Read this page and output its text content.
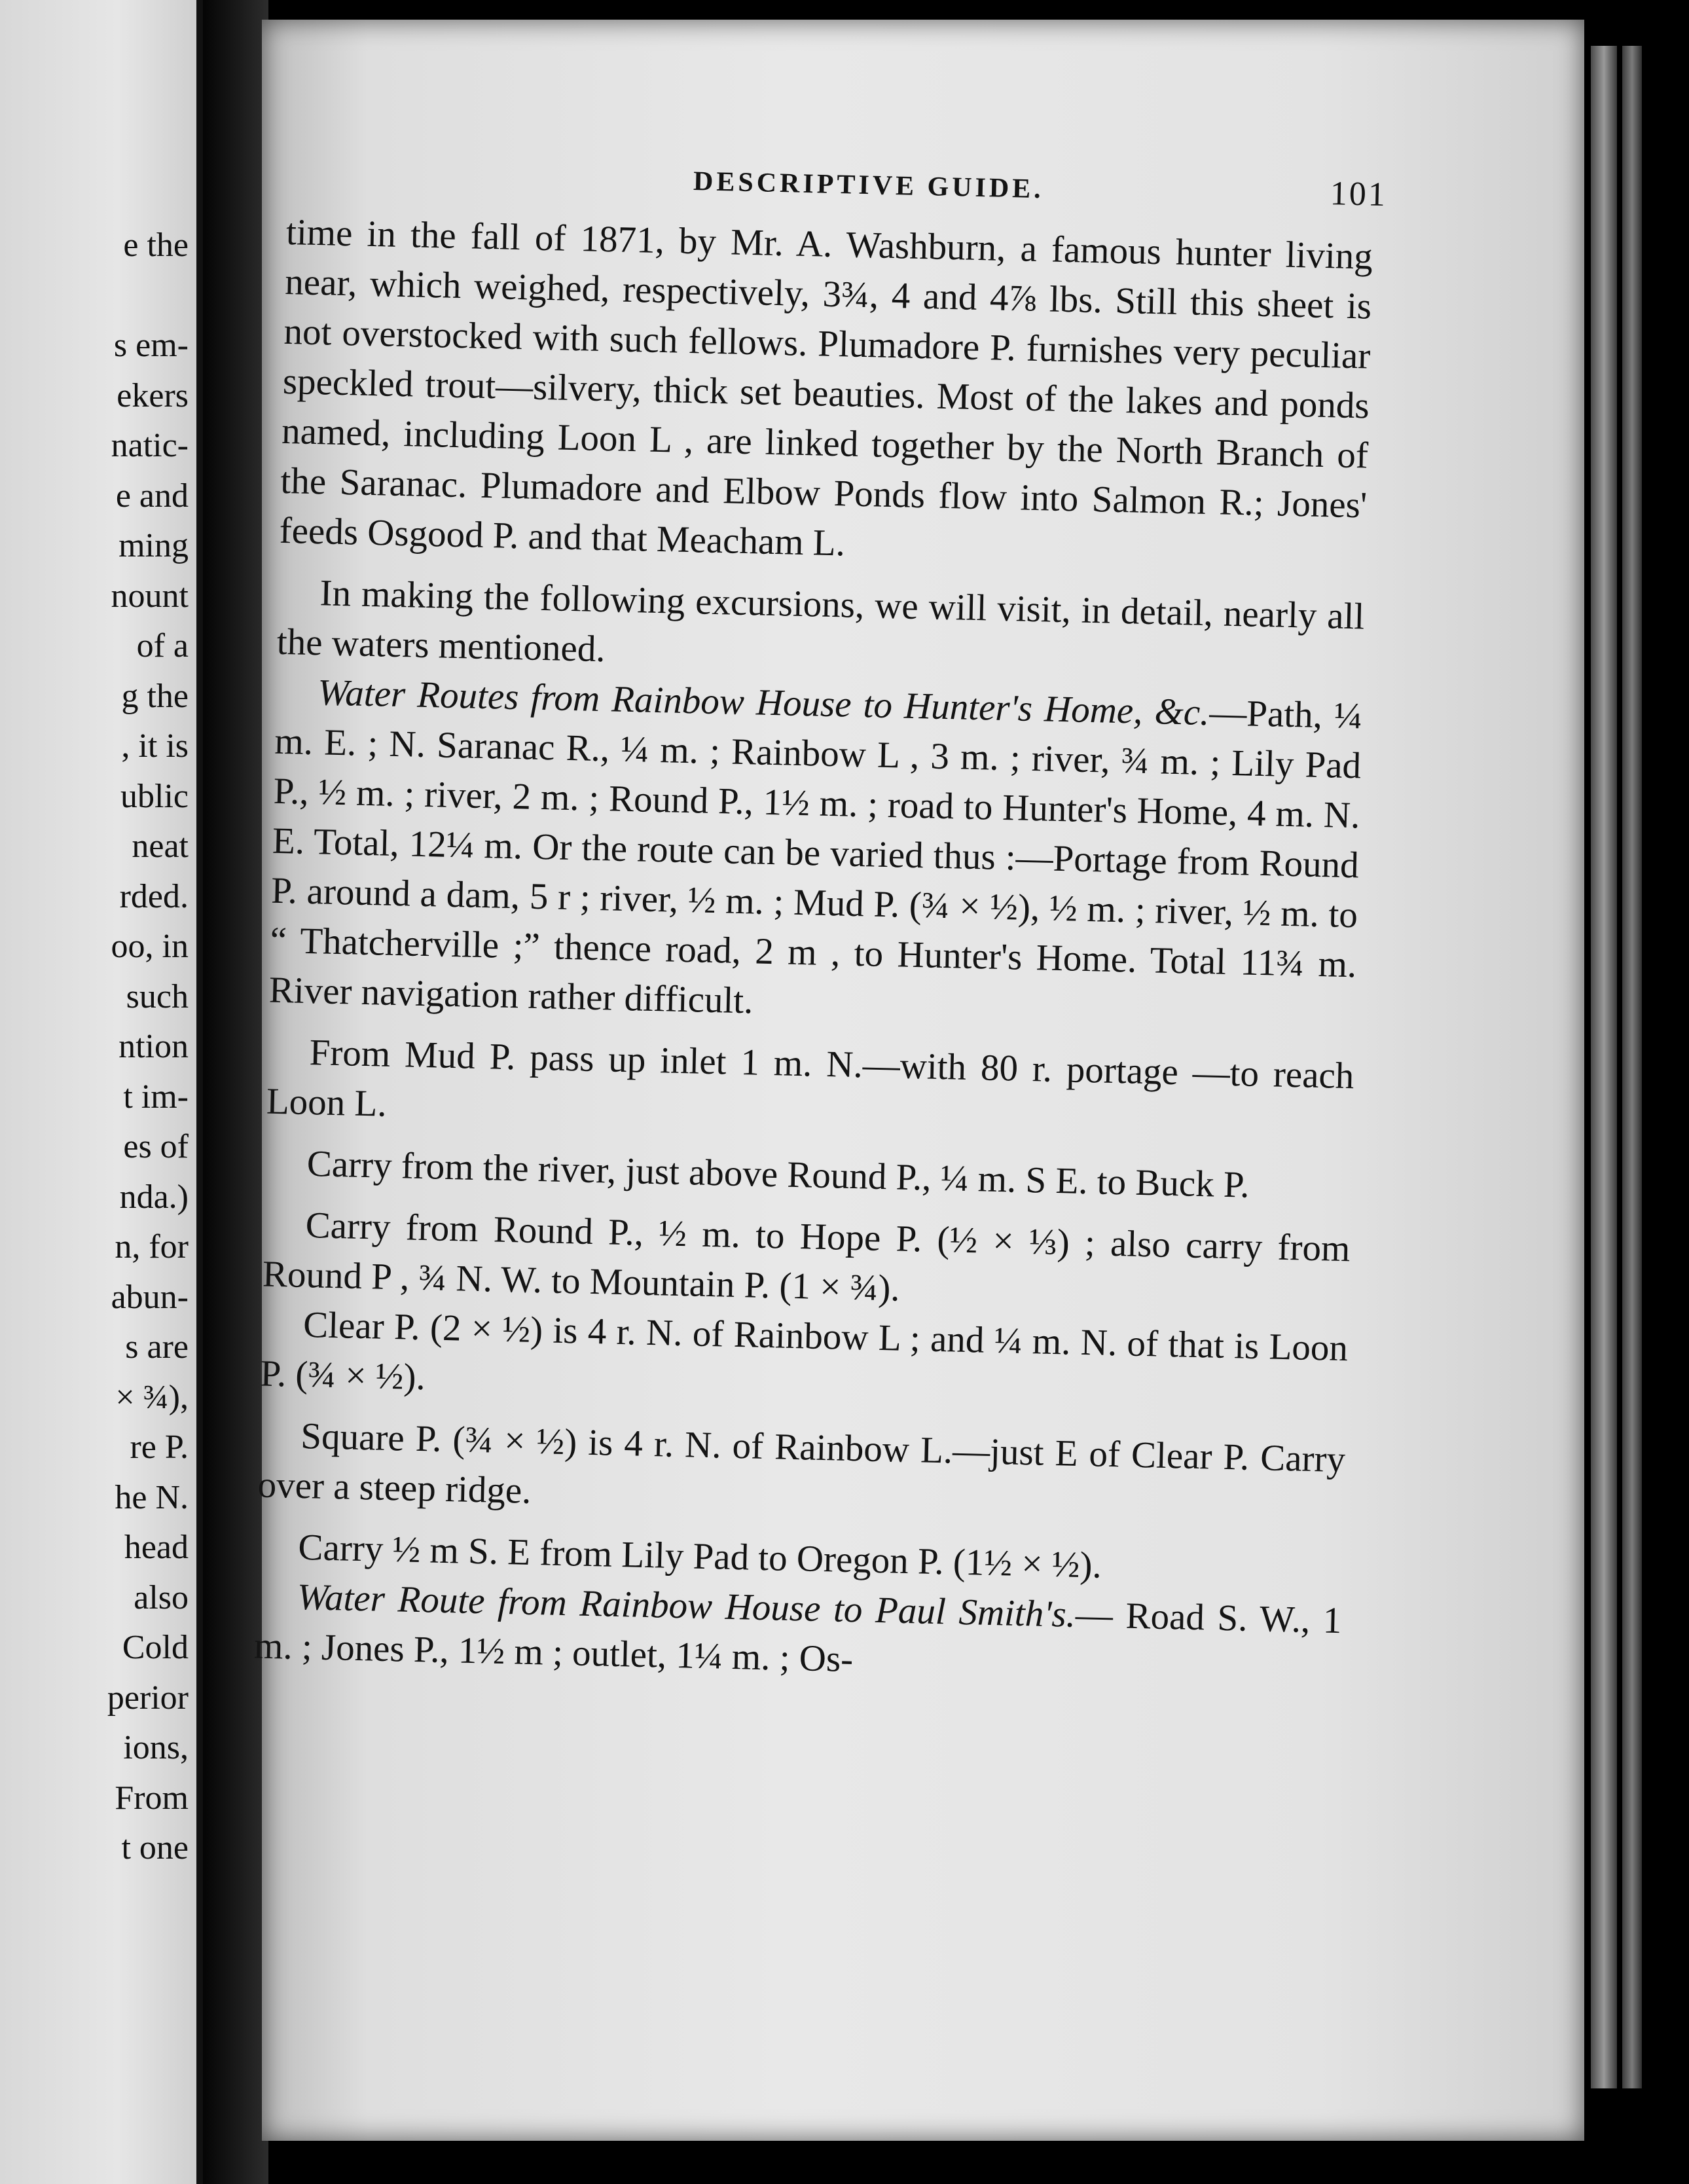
e the
s em-
ekers
natic-
e and
ming
nount
of a
g the
, it is
ublic
neat
rded.
oo, in
such
ntion
t im-
es of
nda.)
n, for
abun-
s are
× ¾),
re P.
he N.
head
also
Cold
perior
ions,
From
t one
DESCRIPTIVE GUIDE.	101

time in the fall of 1871, by Mr. A. Washburn, a famous hunter living near, which weighed, respectively, 3¾, 4 and 4⅞ lbs. Still this sheet is not overstocked with such fellows. Plumadore P. furnishes very peculiar speckled trout—silvery, thick set beauties. Most of the lakes and ponds named, including Loon L , are linked together by the North Branch of the Saranac. Plumadore and Elbow Ponds flow into Salmon R.; Jones' feeds Osgood P. and that Meacham L.

In making the following excursions, we will visit, in detail, nearly all the waters mentioned.

Water Routes from Rainbow House to Hunter's Home, &c.—Path, ¼ m. E. ; N. Saranac R., ¼ m. ; Rainbow L , 3 m. ; river, ¾ m. ; Lily Pad P., ½ m. ; river, 2 m. ; Round P., 1½ m. ; road to Hunter's Home, 4 m. N. E. Total, 12¼ m. Or the route can be varied thus :—Portage from Round P. around a dam, 5 r ; river, ½ m. ; Mud P. (¾ × ½), ½ m. ; river, ½ m. to “ Thatcherville ;” thence road, 2 m , to Hunter's Home. Total 11¾ m. River navigation rather difficult.

From Mud P. pass up inlet 1 m. N.—with 80 r. portage —to reach Loon L.

Carry from the river, just above Round P., ¼ m. S E. to Buck P.

Carry from Round P., ½ m. to Hope P. (½ × ⅓) ; also carry from Round P , ¾ N. W. to Mountain P. (1 × ¾).

Clear P. (2 × ½) is 4 r. N. of Rainbow L ; and ¼ m. N. of that is Loon P. (¾ × ½).

Square P. (¾ × ½) is 4 r. N. of Rainbow L.—just E of Clear P. Carry over a steep ridge.

Carry ½ m S. E from Lily Pad to Oregon P. (1½ × ½).

Water Route from Rainbow House to Paul Smith's.— Road S. W., 1 m. ; Jones P., 1½ m ; outlet, 1¼ m. ; Os-
